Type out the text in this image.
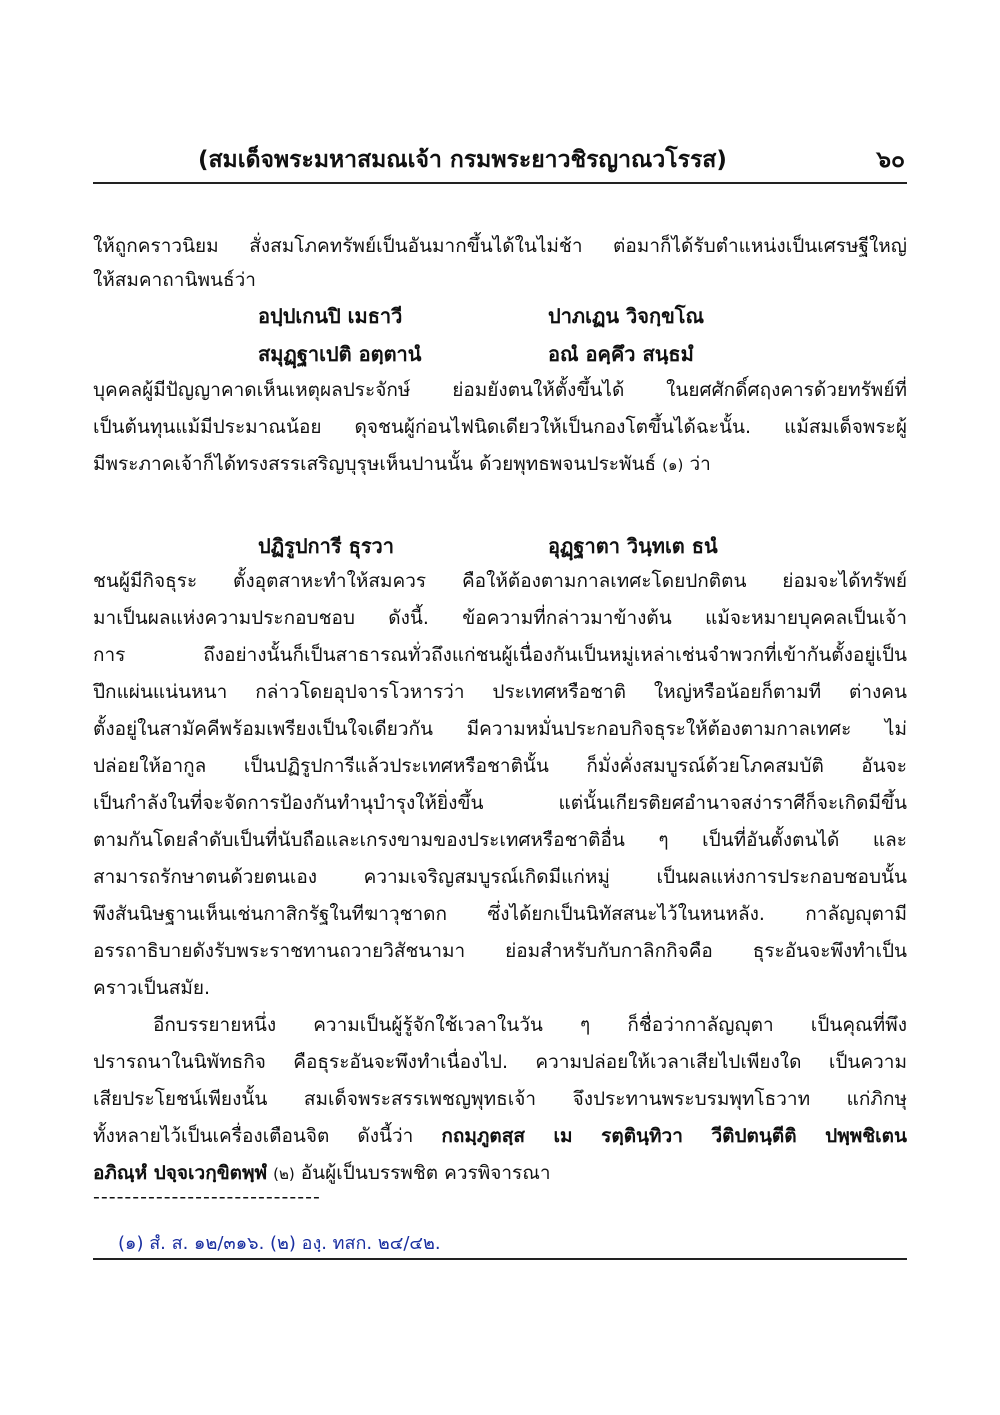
(สมเด็จพระมหาสมณเจ้า กรมพระยาวชิรญาณวโรรส)	๖๐
ให้ถูกคราวนิยม สั่งสมโภคทรัพย์เป็นอันมากขึ้นได้ในไม่ช้า ต่อมาก็ได้รับตำแหน่งเป็นเศรษฐีใหญ่
ให้สมคาถานิพนธ์ว่า
อปฺปเกนปิ เมธาวี	ปาภเฏน วิจกฺขโณ
สมุฏฺฐาเปติ อตฺตานํ	อณํ อคฺคึว สนฺธมํ
บุคคลผู้มีปัญญาคาดเห็นเหตุผลประจักษ์ ย่อมยังตนให้ตั้งขึ้นได้ ในยศศักดิ์ศฤงคารด้วยทรัพย์ที่
เป็นต้นทุนแม้มีประมาณน้อย ดุจชนผู้ก่อนไฟนิดเดียวให้เป็นกองโตขึ้นได้ฉะนั้น. แม้สมเด็จพระผู้
มีพระภาคเจ้าก็ได้ทรงสรรเสริญบุรุษเห็นปานนั้น ด้วยพุทธพจนประพันธ์ (๑) ว่า
ปฏิรูปการี ธุรวา	อุฏฺฐาตา วินฺทเต ธนํ
ชนผู้มีกิจธุระ ตั้งอุตสาหะทำให้สมควร คือให้ต้องตามกาลเทศะโดยปกติตน ย่อมจะได้ทรัพย์
มาเป็นผลแห่งความประกอบชอบ ดังนี้. ข้อความที่กล่าวมาข้างต้น แม้จะหมายบุคคลเป็นเจ้า
การ ถึงอย่างนั้นก็เป็นสาธารณทั่วถึงแก่ชนผู้เนื่องกันเป็นหมู่เหล่าเช่นจำพวกที่เข้ากันตั้งอยู่เป็น
ปึกแผ่นแน่นหนา กล่าวโดยอุปจารโวหารว่า ประเทศหรือชาติ ใหญ่หรือน้อยก็ตามที ต่างคน
ตั้งอยู่ในสามัคคีพร้อมเพรียงเป็นใจเดียวกัน มีความหมั่นประกอบกิจธุระให้ต้องตามกาลเทศะ ไม่
ปล่อยให้อากูล เป็นปฏิรูปการีแล้วประเทศหรือชาตินั้น ก็มั่งคั่งสมบูรณ์ด้วยโภคสมบัติ อันจะ
เป็นกำลังในที่จะจัดการป้องกันทำนุบำรุงให้ยิ่งขึ้น แต่นั้นเกียรติยศอำนาจสง่าราศีก็จะเกิดมีขึ้น
ตามกันโดยลำดับเป็นที่นับถือและเกรงขามของประเทศหรือชาติอื่น ๆ เป็นที่อันตั้งตนได้ และ
สามารถรักษาตนด้วยตนเอง ความเจริญสมบูรณ์เกิดมีแก่หมู่ เป็นผลแห่งการประกอบชอบนั้น
พึงสันนิษฐานเห็นเช่นกาสิกรัฐในทีฆาวุชาดก ซึ่งได้ยกเป็นนิทัสสนะไว้ในหนหลัง. กาลัญญุตามี
อรรถาธิบายดังรับพระราชทานถวายวิสัชนามา ย่อมสำหรับกับกาลิกกิจคือ ธุระอันจะพึงทำเป็น
คราวเป็นสมัย.
อีกบรรยายหนึ่ง ความเป็นผู้รู้จักใช้เวลาในวัน ๆ ก็ชื่อว่ากาลัญญุตา เป็นคุณที่พึง
ปรารถนาในนิพัทธกิจ คือธุระอันจะพึงทำเนื่องไป. ความปล่อยให้เวลาเสียไปเพียงใด เป็นความ
เสียประโยชน์เพียงนั้น สมเด็จพระสรรเพชญพุทธเจ้า จึงประทานพระบรมพุทโธวาท แก่ภิกษุ
ทั้งหลายไว้เป็นเครื่องเตือนจิต ดังนี้ว่า กถมฺภูตสฺส เม รตฺตินฺทิวา วีติปตนฺตีติ ปพฺพชิเตน
อภิณฺหํ ปจฺจเวกฺขิตพฺพํ (๒) อันผู้เป็นบรรพชิต ควรพิจารณา
-----------------------------
(๑) สํ. ส. ๑๒/๓๑๖. (๒) องฺ. ทสก. ๒๔/๔๒.
